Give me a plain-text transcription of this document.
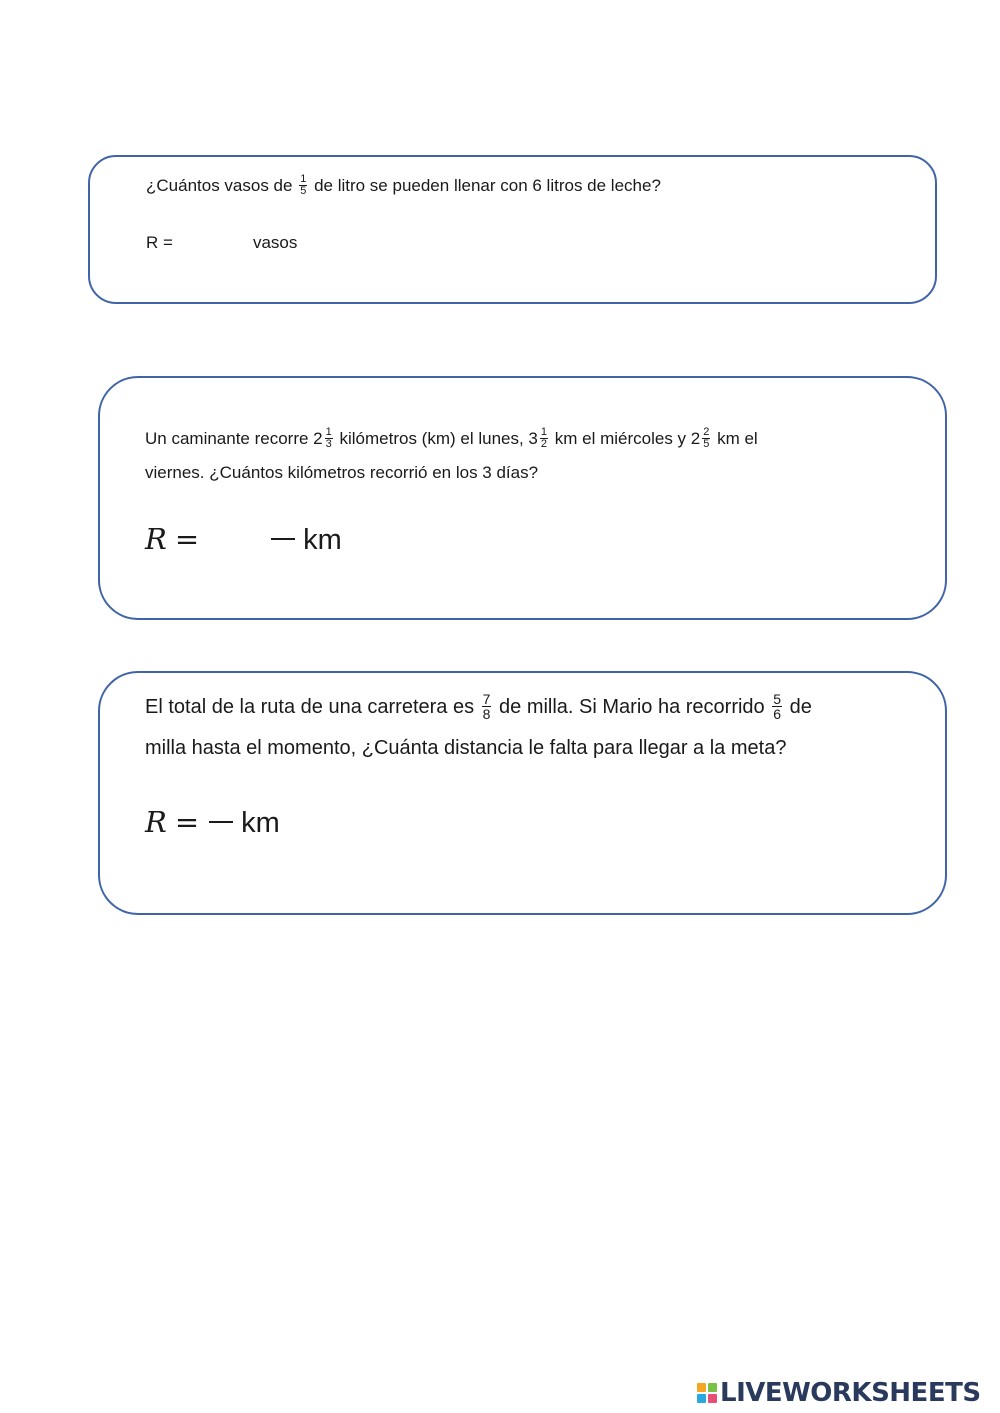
¿Cuántos vasos de $\frac{1}{5}$ de litro se pueden llenar con 6 litros de leche?
R =	vasos
Un caminante recorre $2 \frac{1}{3}$ kilómetros (km) el lunes, $3 \frac{1}{2}$ km el miércoles y $2 \frac{2}{5}$ km el
viernes. ¿Cuántos kilómetros recorrió en los 3 días?
R =	km
El total de la ruta de una carretera es $\frac{7}{8}$ de milla. Si Mario ha recorrido $\frac{5}{6}$ de
milla hasta el momento, ¿Cuánta distancia le falta para llegar a la meta?
R = km
LIVEWORKSHEETS
